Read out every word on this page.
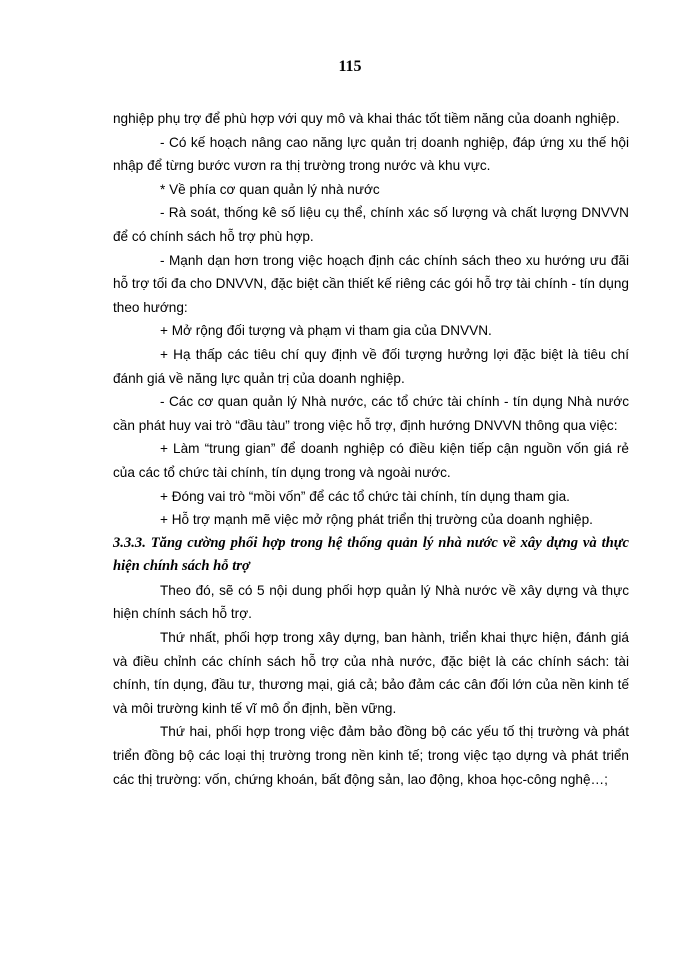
115

nghiệp phụ trợ để phù hợp với quy mô và khai thác tốt tiềm năng của doanh nghiệp.

- Có kế hoạch nâng cao năng lực quản trị doanh nghiệp, đáp ứng xu thế hội nhập để từng bước vươn ra thị trường trong nước và khu vực.

* Về phía cơ quan quản lý nhà nước

- Rà soát, thống kê số liệu cụ thể, chính xác số lượng và chất lượng DNVVN để có chính sách hỗ trợ phù hợp.

- Mạnh dạn hơn trong việc hoạch định các chính sách theo xu hướng ưu đãi hỗ trợ tối đa cho DNVVN, đặc biệt cần thiết kế riêng các gói hỗ trợ tài chính - tín dụng theo hướng:

+ Mở rộng đối tượng và phạm vi tham gia của DNVVN.

+ Hạ thấp các tiêu chí quy định về đối tượng hưởng lợi đặc biệt là tiêu chí đánh giá về năng lực quản trị của doanh nghiệp.

- Các cơ quan quản lý Nhà nước, các tổ chức tài chính - tín dụng Nhà nước cần phát huy vai trò “đầu tàu” trong việc hỗ trợ, định hướng DNVVN thông qua việc:

+ Làm “trung gian” để doanh nghiệp có điều kiện tiếp cận nguồn vốn giá rẻ của các tổ chức tài chính, tín dụng trong và ngoài nước.

+ Đóng vai trò “mồi vốn” để các tổ chức tài chính, tín dụng tham gia.

+ Hỗ trợ mạnh mẽ việc mở rộng phát triển thị trường của doanh nghiệp.

3.3.3. Tăng cường phối hợp trong hệ thống quản lý nhà nước về xây dựng và thực hiện chính sách hỗ trợ

Theo đó, sẽ có 5 nội dung phối hợp quản lý Nhà nước về xây dựng và thực hiện chính sách hỗ trợ.

Thứ nhất, phối hợp trong xây dựng, ban hành, triển khai thực hiện, đánh giá và điều chỉnh các chính sách hỗ trợ của nhà nước, đặc biệt là các chính sách: tài chính, tín dụng, đầu tư, thương mại, giá cả; bảo đảm các cân đối lớn của nền kinh tế và môi trường kinh tế vĩ mô ổn định, bền vững.

Thứ hai, phối hợp trong việc đảm bảo đồng bộ các yếu tố thị trường và phát triển đồng bộ các loại thị trường trong nền kinh tế; trong việc tạo dựng và phát triển các thị trường: vốn, chứng khoán, bất động sản, lao động, khoa học-công nghệ…;
